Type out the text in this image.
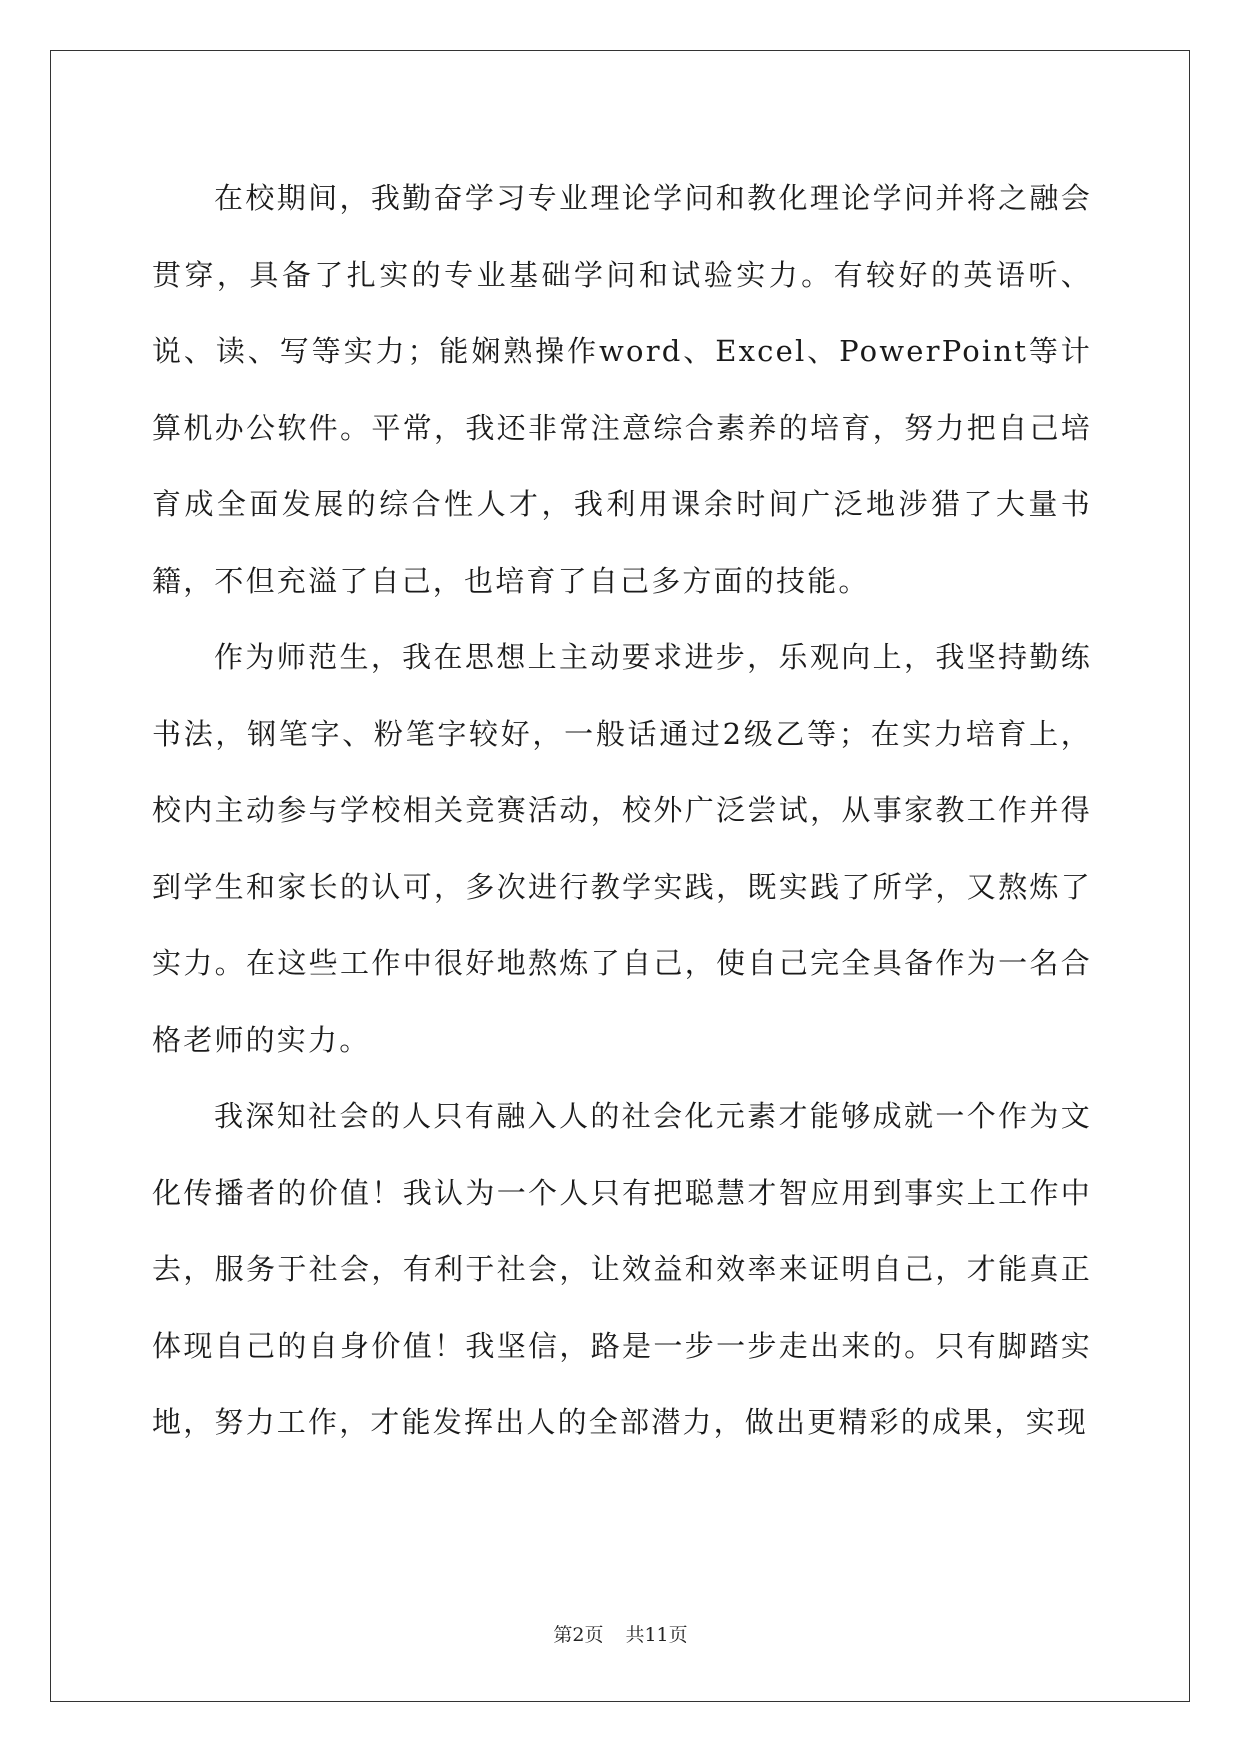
在校期间，我勤奋学习专业理论学问和教化理论学问并将之融会贯穿，具备了扎实的专业基础学问和试验实力。有较好的英语听、说、读、写等实力；能娴熟操作word、Excel、PowerPoint等计算机办公软件。平常，我还非常注意综合素养的培育，努力把自己培育成全面发展的综合性人才，我利用课余时间广泛地涉猎了大量书籍，不但充溢了自己，也培育了自己多方面的技能。

作为师范生，我在思想上主动要求进步，乐观向上，我坚持勤练书法，钢笔字、粉笔字较好，一般话通过2级乙等；在实力培育上，校内主动参与学校相关竞赛活动，校外广泛尝试，从事家教工作并得到学生和家长的认可，多次进行教学实践，既实践了所学，又熬炼了实力。在这些工作中很好地熬炼了自己，使自己完全具备作为一名合格老师的实力。

我深知社会的人只有融入人的社会化元素才能够成就一个作为文化传播者的价值！我认为一个人只有把聪慧才智应用到事实上工作中去，服务于社会，有利于社会，让效益和效率来证明自己，才能真正体现自己的自身价值！我坚信，路是一步一步走出来的。只有脚踏实地，努力工作，才能发挥出人的全部潜力，做出更精彩的成果，实现

第2页 共11页
